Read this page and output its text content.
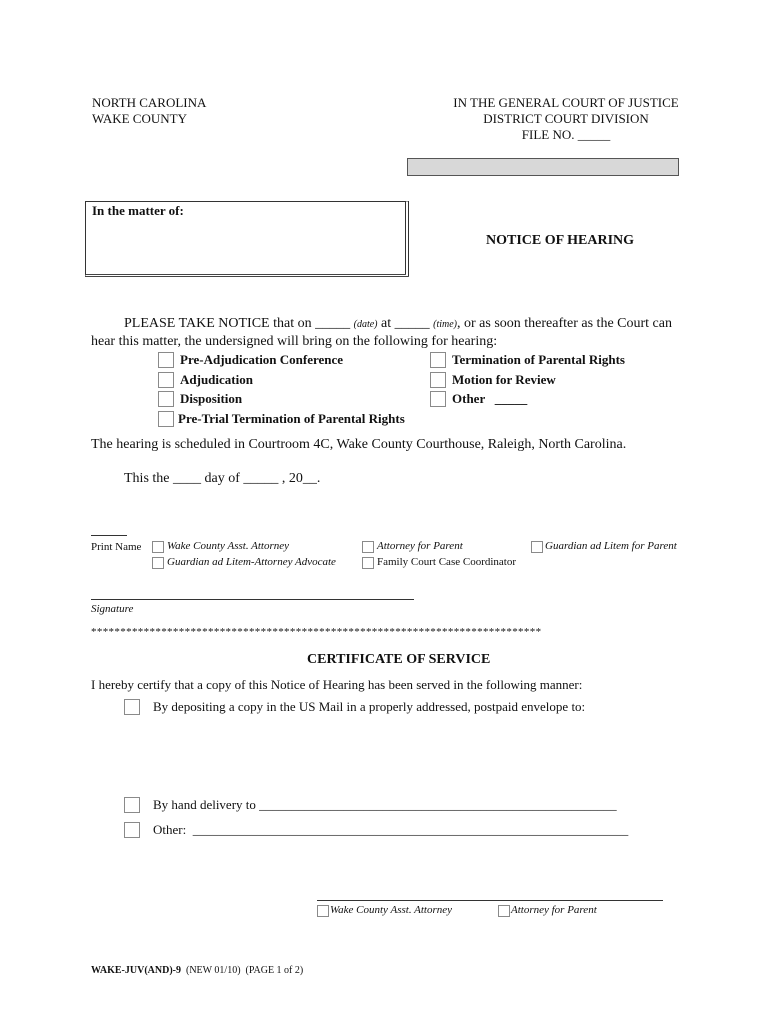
NORTH CAROLINA
WAKE COUNTY
IN THE GENERAL COURT OF JUSTICE
DISTRICT COURT DIVISION
FILE NO. _____
In the matter of:
NOTICE OF HEARING
PLEASE TAKE NOTICE that on _____ (date) at _____ (time), or as soon thereafter as the Court can
hear this matter, the undersigned will bring on the following for hearing:
Pre-Adjudication Conference
Adjudication
Disposition
Pre-Trial Termination of Parental Rights
Termination of Parental Rights
Motion for Review
Other   _____
The hearing is scheduled in Courtroom 4C, Wake County Courthouse, Raleigh, North Carolina.
This the ____ day of _____ , 20__.
Print Name Wake County Asst. Attorney	Attorney for Parent	Guardian ad Litem for Parent
Guardian ad Litem-Attorney Advocate	Family Court Case Coordinator
Signature
*****************************************************************************
CERTIFICATE OF SERVICE
I hereby certify that a copy of this Notice of Hearing has been served in the following manner:
By depositing a copy in the US Mail in a properly addressed, postpaid envelope to:
By hand delivery to _______________________________________________________
Other:  ___________________________________________________________________
Wake County Asst. Attorney	Attorney for Parent
WAKE-JUV(AND)-9  (NEW 01/10)  (PAGE 1 of 2)
